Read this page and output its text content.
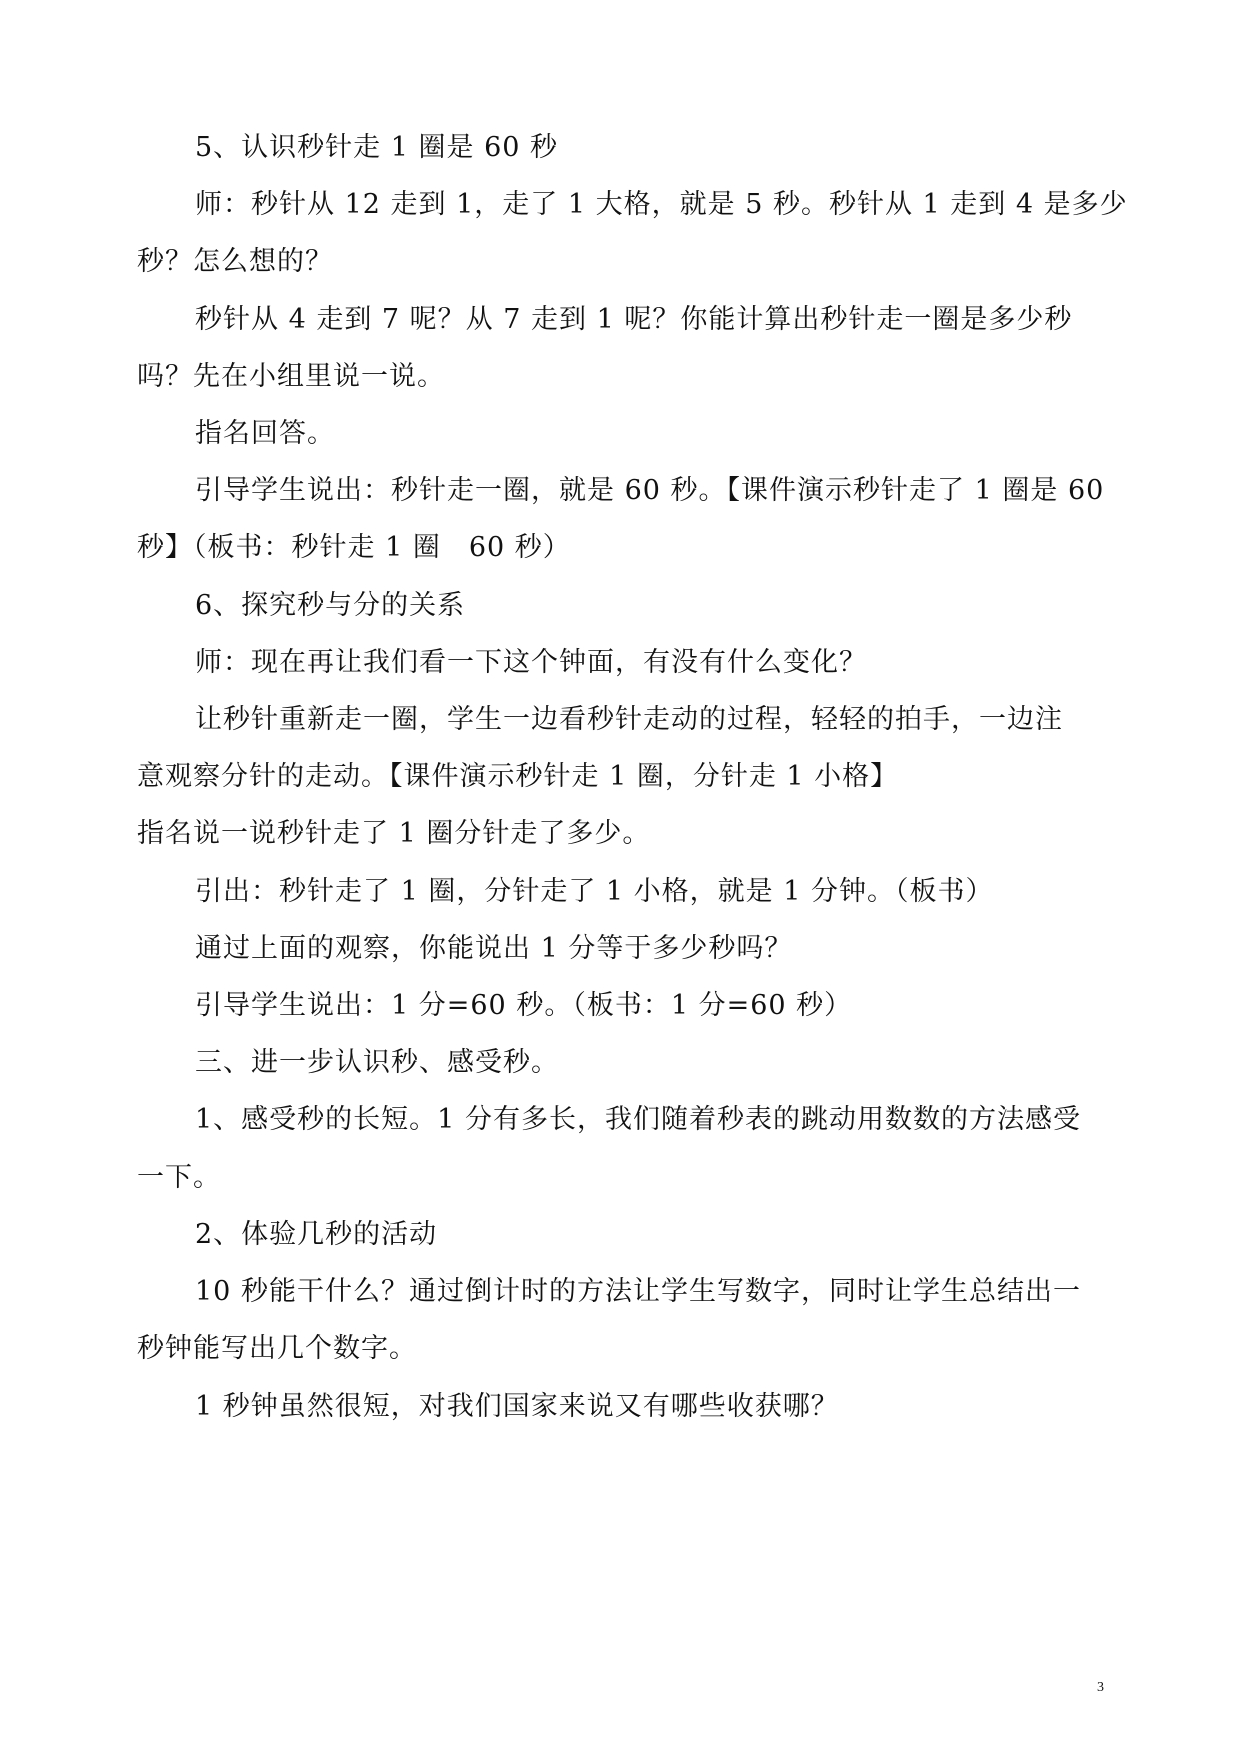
5、认识秒针走 1 圈是 60 秒
师：秒针从 12 走到 1，走了 1 大格，就是 5 秒。秒针从 1 走到 4 是多少
秒？怎么想的？
秒针从 4 走到 7 呢？从 7 走到 1 呢？你能计算出秒针走一圈是多少秒
吗？先在小组里说一说。
指名回答。
引导学生说出：秒针走一圈，就是 60 秒。【课件演示秒针走了 1 圈是 60
秒】（板书：秒针走 1 圈　60 秒）
6、探究秒与分的关系
师：现在再让我们看一下这个钟面，有没有什么变化？
让秒针重新走一圈，学生一边看秒针走动的过程，轻轻的拍手，一边注
意观察分针的走动。【课件演示秒针走 1 圈，分针走 1 小格】
指名说一说秒针走了 1 圈分针走了多少。
引出：秒针走了 1 圈，分针走了 1 小格，就是 1 分钟。（板书）
通过上面的观察，你能说出 1 分等于多少秒吗？
引导学生说出：1 分=60 秒。（板书：1 分=60 秒）
三、进一步认识秒、感受秒。
1、感受秒的长短。1 分有多长，我们随着秒表的跳动用数数的方法感受
一下。
2、体验几秒的活动
10 秒能干什么？通过倒计时的方法让学生写数字，同时让学生总结出一
秒钟能写出几个数字。
1 秒钟虽然很短，对我们国家来说又有哪些收获哪？
3
